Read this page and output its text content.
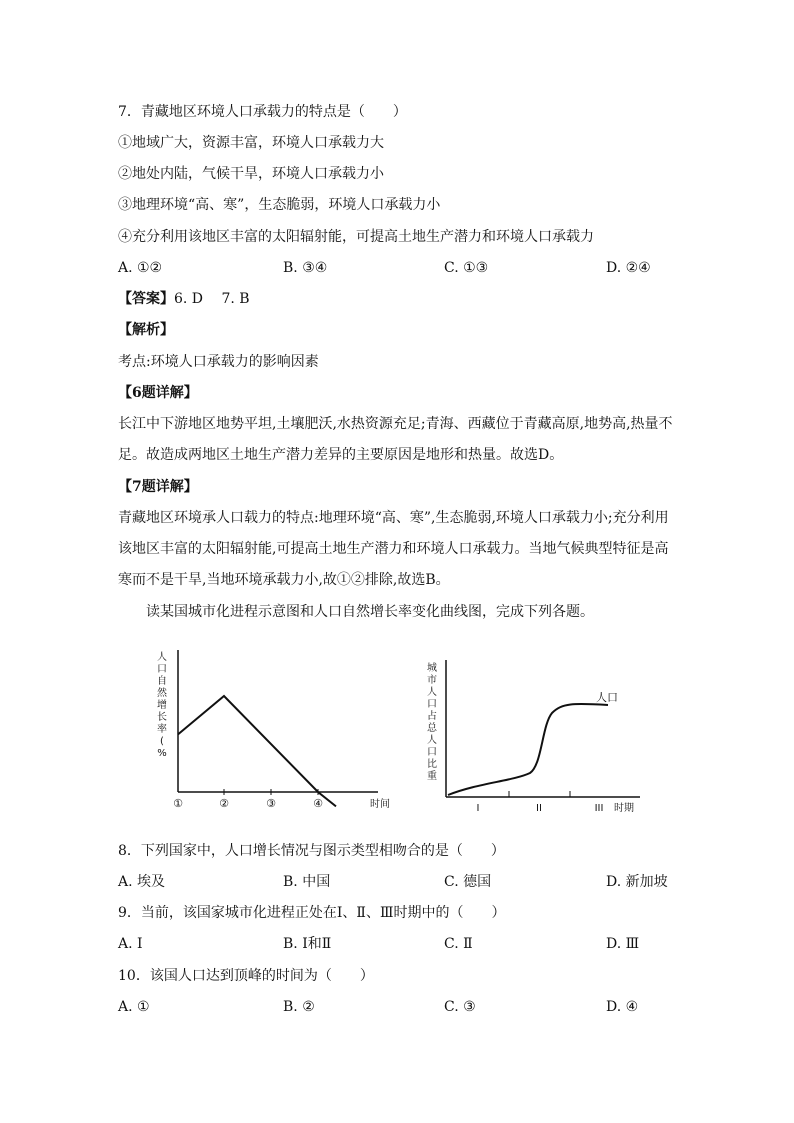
7．青藏地区环境人口承载力的特点是（　　）
①地域广大，资源丰富，环境人口承载力大
②地处内陆，气候干旱，环境人口承载力小
③地理环境“高、寒”，生态脆弱，环境人口承载力小
④充分利用该地区丰富的太阳辐射能，可提高土地生产潜力和环境人口承载力
A. ①②	B. ③④	C. ①③	D. ②④
【答案】6. D　 7. B
【解析】
考点:环境人口承载力的影响因素
【6题详解】
长江中下游地区地势平坦,土壤肥沃,水热资源充足;青海、西藏位于青藏高原,地势高,热量不足。故造成两地区土地生产潜力差异的主要原因是地形和热量。故选D。
【7题详解】
青藏地区环境承人口载力的特点:地理环境“高、寒”,生态脆弱,环境人口承载力小;充分利用该地区丰富的太阳辐射能,可提高土地生产潜力和环境人口承载力。当地气候典型特征是高寒而不是干旱,当地环境承载力小,故①②排除,故选B。
读某国城市化进程示意图和人口自然增长率变化曲线图，完成下列各题。
人
口
自
然
增
长
率
(
%
①	②	③	④	时间
城
市
人
口
占
总
人
口
比
重
I	II	III 时期
人口
8．下列国家中，人口增长情况与图示类型相吻合的是（　　）
A. 埃及	B. 中国	C. 德国	D. 新加坡
9．当前，该国家城市化进程正处在Ⅰ、Ⅱ、Ⅲ时期中的（　　）
A. Ⅰ	B. Ⅰ和Ⅱ	C. Ⅱ	D. Ⅲ
10．该国人口达到顶峰的时间为（　　）
A. ①	B. ②	C. ③	D. ④
